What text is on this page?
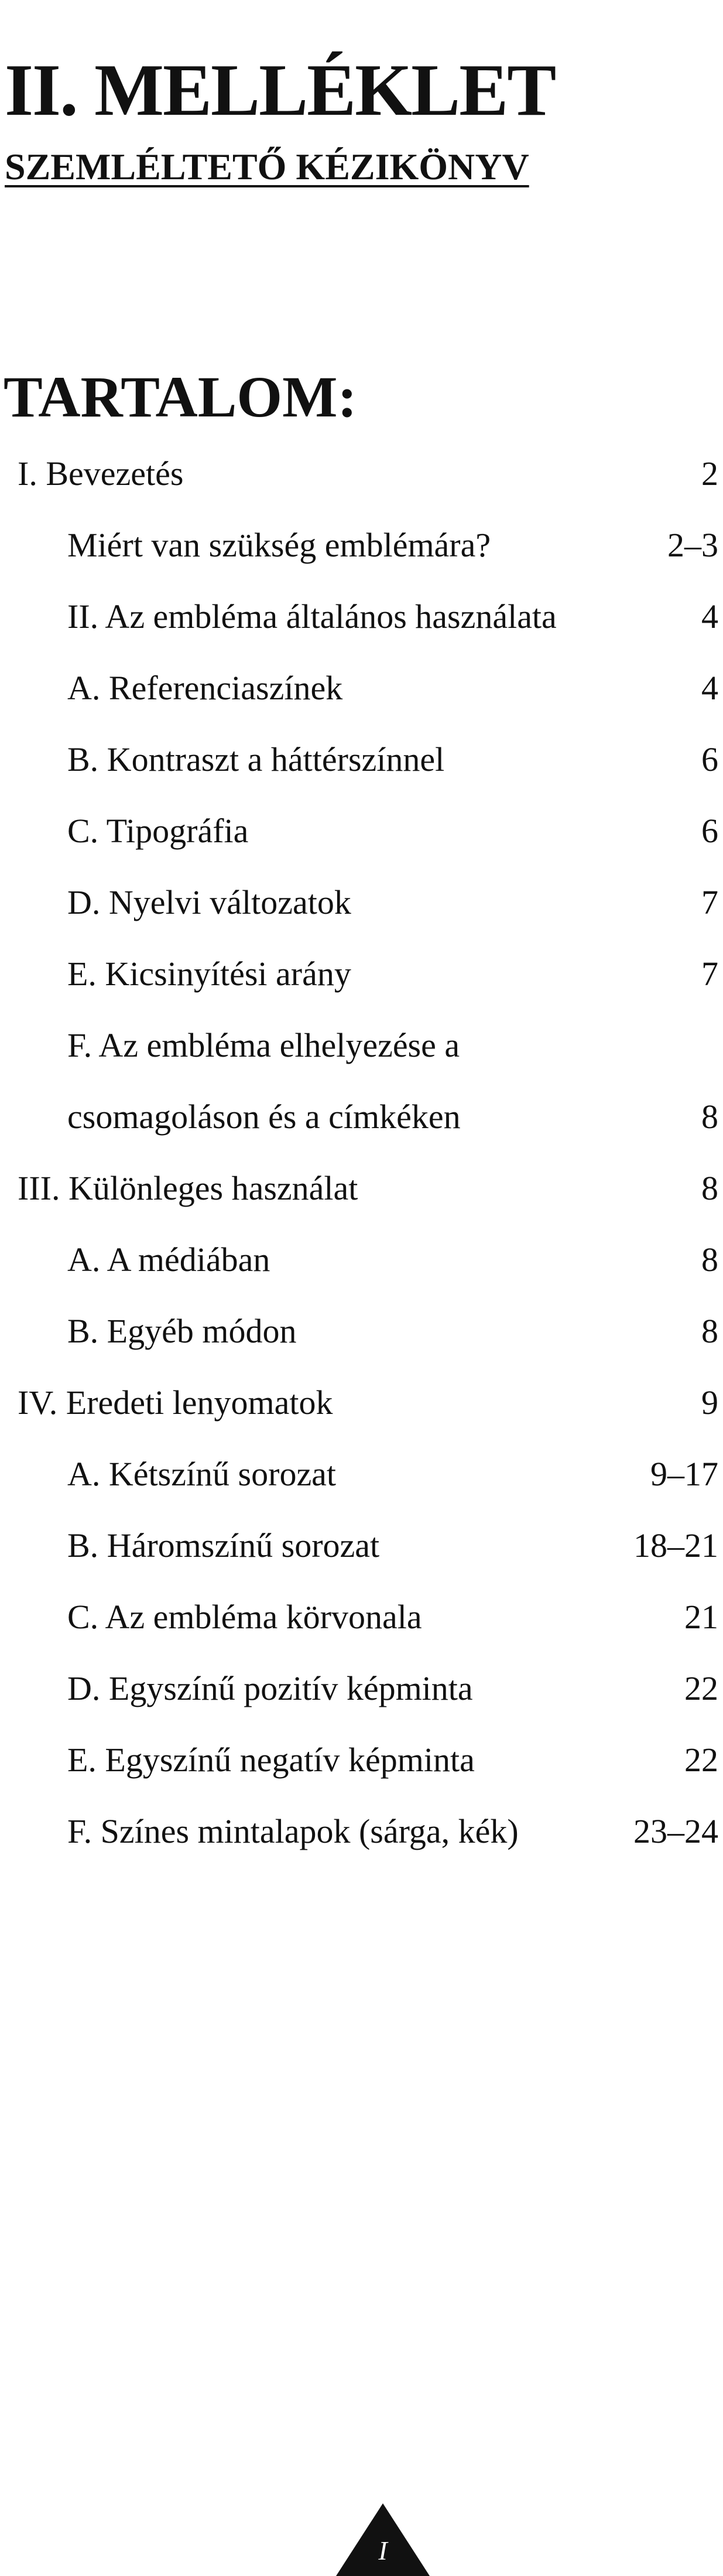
II. MELLÉKLET
SZEMLÉLTETŐ KÉZIKÖNYV
TARTALOM:
I. Bevezetés	2
Miért van szükség emblémára?	2–3
II. Az embléma általános használata	4
A. Referenciaszínek	4
B. Kontraszt a háttérszínnel	6
C. Tipográfia	6
D. Nyelvi változatok	7
E. Kicsinyítési arány	7
F. Az embléma elhelyezése a
csomagoláson és a címkéken	8
III. Különleges használat	8
A. A médiában	8
B. Egyéb módon	8
IV. Eredeti lenyomatok	9
A. Kétszínű sorozat	9–17
B. Háromszínű sorozat	18–21
C. Az embléma körvonala	21
D. Egyszínű pozitív képminta	22
E. Egyszínű negatív képminta	22
F. Színes mintalapok (sárga, kék)	23–24
I
